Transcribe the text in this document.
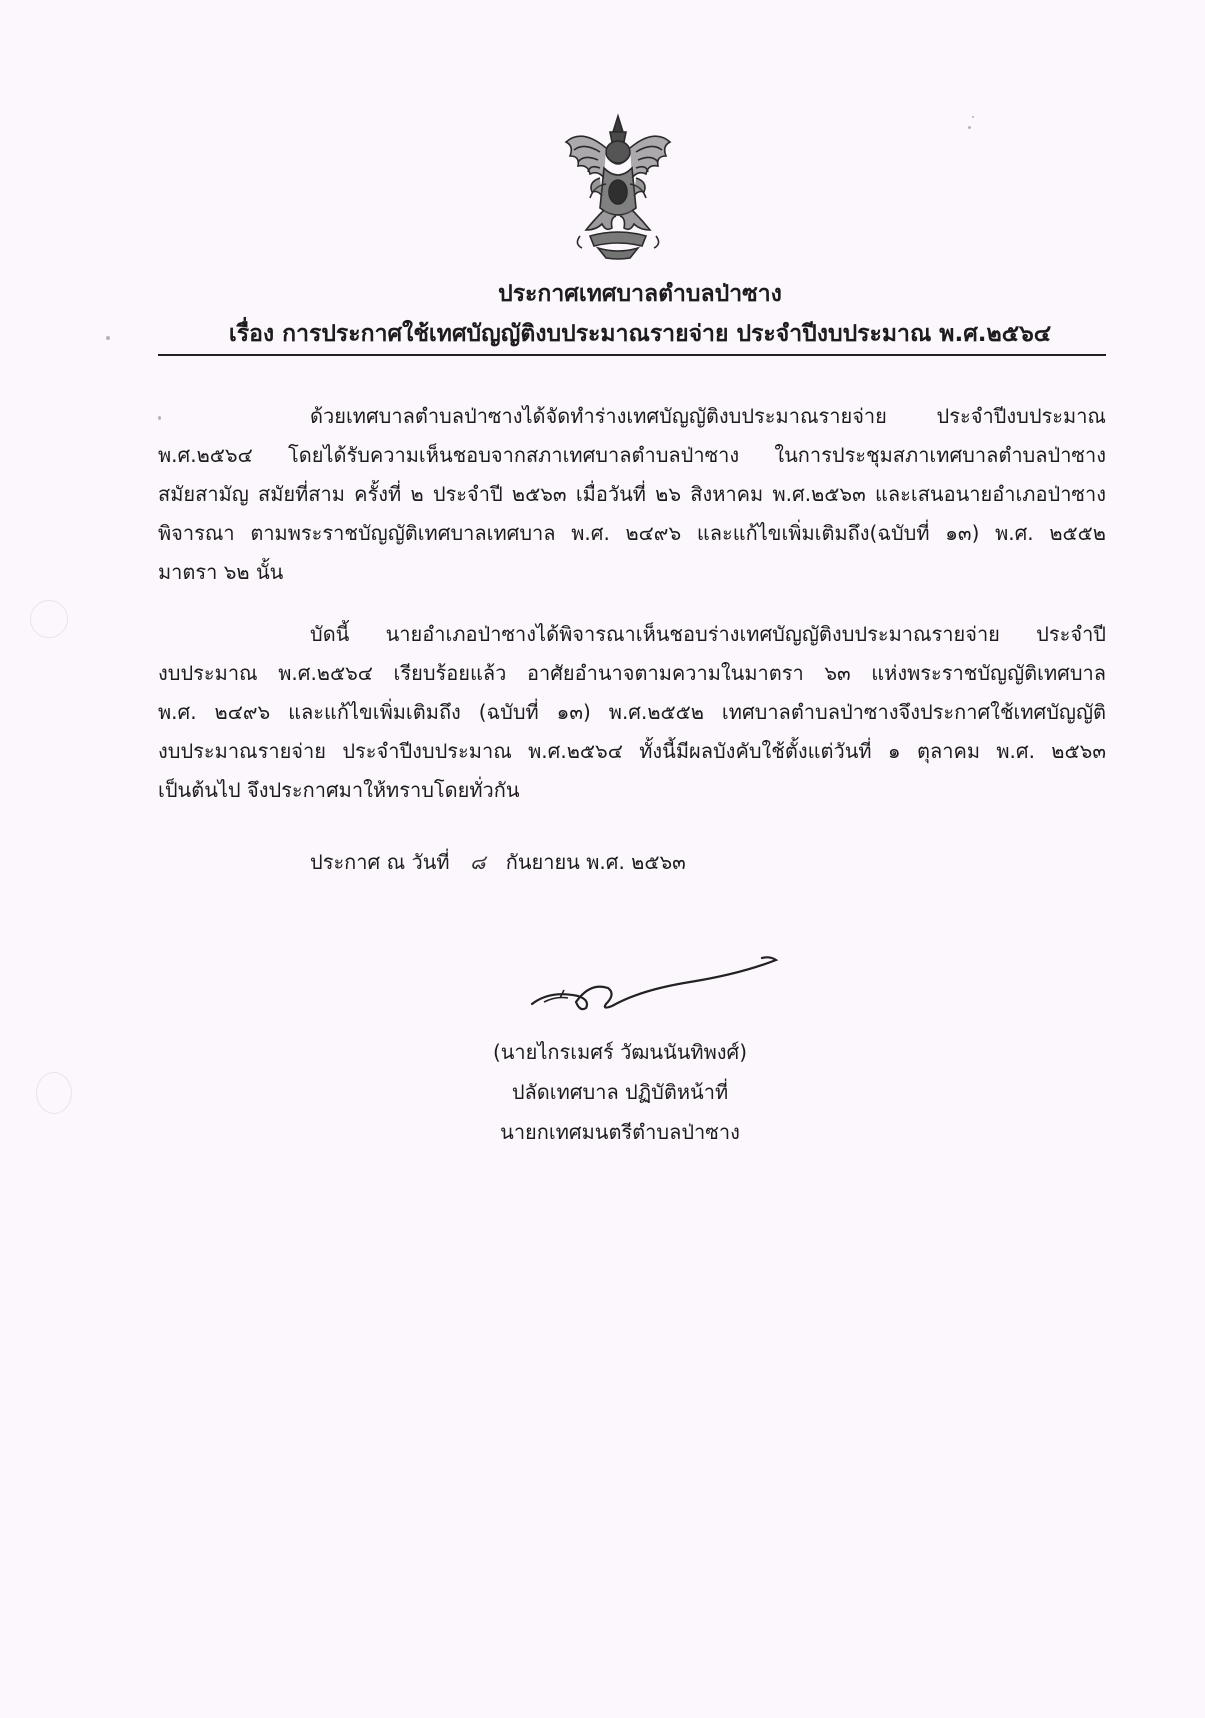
ประกาศเทศบาลตำบลป่าซาง
เรื่อง การประกาศใช้เทศบัญญัติงบประมาณรายจ่าย ประจำปีงบประมาณ พ.ศ.๒๕๖๔
ด้วยเทศบาลตำบลป่าซางได้จัดทำร่างเทศบัญญัติงบประมาณรายจ่าย ประจำปีงบประมาณ
พ.ศ.๒๕๖๔ โดยได้รับความเห็นชอบจากสภาเทศบาลตำบลป่าซาง ในการประชุมสภาเทศบาลตำบลป่าซาง
สมัยสามัญ สมัยที่สาม ครั้งที่ ๒ ประจำปี ๒๕๖๓ เมื่อวันที่ ๒๖ สิงหาคม พ.ศ.๒๕๖๓ และเสนอนายอำเภอป่าซาง
พิจารณา ตามพระราชบัญญัติเทศบาลเทศบาล พ.ศ. ๒๔๙๖ และแก้ไขเพิ่มเติมถึง(ฉบับที่ ๑๓) พ.ศ. ๒๕๕๒
มาตรา ๖๒ นั้น
บัดนี้ นายอำเภอป่าซางได้พิจารณาเห็นชอบร่างเทศบัญญัติงบประมาณรายจ่าย ประจำปี
งบประมาณ พ.ศ.๒๕๖๔ เรียบร้อยแล้ว อาศัยอำนาจตามความในมาตรา ๖๓ แห่งพระราชบัญญัติเทศบาล
พ.ศ. ๒๔๙๖ และแก้ไขเพิ่มเติมถึง (ฉบับที่ ๑๓) พ.ศ.๒๕๕๒ เทศบาลตำบลป่าซางจึงประกาศใช้เทศบัญญัติ
งบประมาณรายจ่าย ประจำปีงบประมาณ พ.ศ.๒๕๖๔ ทั้งนี้มีผลบังคับใช้ตั้งแต่วันที่ ๑ ตุลาคม พ.ศ. ๒๕๖๓
เป็นต้นไป จึงประกาศมาให้ทราบโดยทั่วกัน
ประกาศ ณ วันที่ ๘ กันยายน พ.ศ. ๒๕๖๓
(นายไกรเมศร์ วัฒนนันทิพงศ์)
ปลัดเทศบาล ปฏิบัติหน้าที่
นายกเทศมนตรีตำบลป่าซาง
